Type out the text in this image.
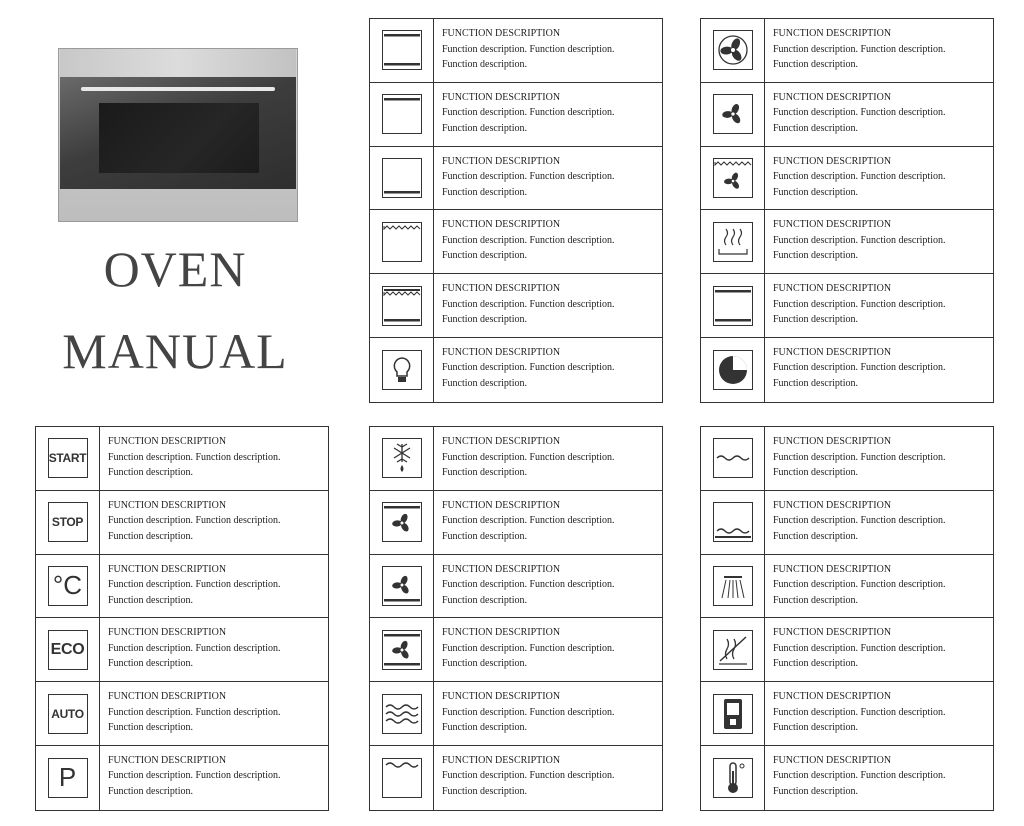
OVEN
MANUAL
FUNCTION DESCRIPTION
Function description. Function description.
Function description.
FUNCTION DESCRIPTION
Function description. Function description.
Function description.
FUNCTION DESCRIPTION
Function description. Function description.
Function description.
FUNCTION DESCRIPTION
Function description. Function description.
Function description.
FUNCTION DESCRIPTION
Function description. Function description.
Function description.
FUNCTION DESCRIPTION
Function description. Function description.
Function description.
FUNCTION DESCRIPTION
Function description. Function description.
Function description.
FUNCTION DESCRIPTION
Function description. Function description.
Function description.
FUNCTION DESCRIPTION
Function description. Function description.
Function description.
FUNCTION DESCRIPTION
Function description. Function description.
Function description.
FUNCTION DESCRIPTION
Function description. Function description.
Function description.
FUNCTION DESCRIPTION
Function description. Function description.
Function description.
START
FUNCTION DESCRIPTION
Function description. Function description.
Function description.
STOP
FUNCTION DESCRIPTION
Function description. Function description.
Function description.
°C
FUNCTION DESCRIPTION
Function description. Function description.
Function description.
ECO
FUNCTION DESCRIPTION
Function description. Function description.
Function description.
AUTO
FUNCTION DESCRIPTION
Function description. Function description.
Function description.
P
FUNCTION DESCRIPTION
Function description. Function description.
Function description.
FUNCTION DESCRIPTION
Function description. Function description.
Function description.
FUNCTION DESCRIPTION
Function description. Function description.
Function description.
FUNCTION DESCRIPTION
Function description. Function description.
Function description.
FUNCTION DESCRIPTION
Function description. Function description.
Function description.
FUNCTION DESCRIPTION
Function description. Function description.
Function description.
FUNCTION DESCRIPTION
Function description. Function description.
Function description.
FUNCTION DESCRIPTION
Function description. Function description.
Function description.
FUNCTION DESCRIPTION
Function description. Function description.
Function description.
FUNCTION DESCRIPTION
Function description. Function description.
Function description.
FUNCTION DESCRIPTION
Function description. Function description.
Function description.
FUNCTION DESCRIPTION
Function description. Function description.
Function description.
FUNCTION DESCRIPTION
Function description. Function description.
Function description.
